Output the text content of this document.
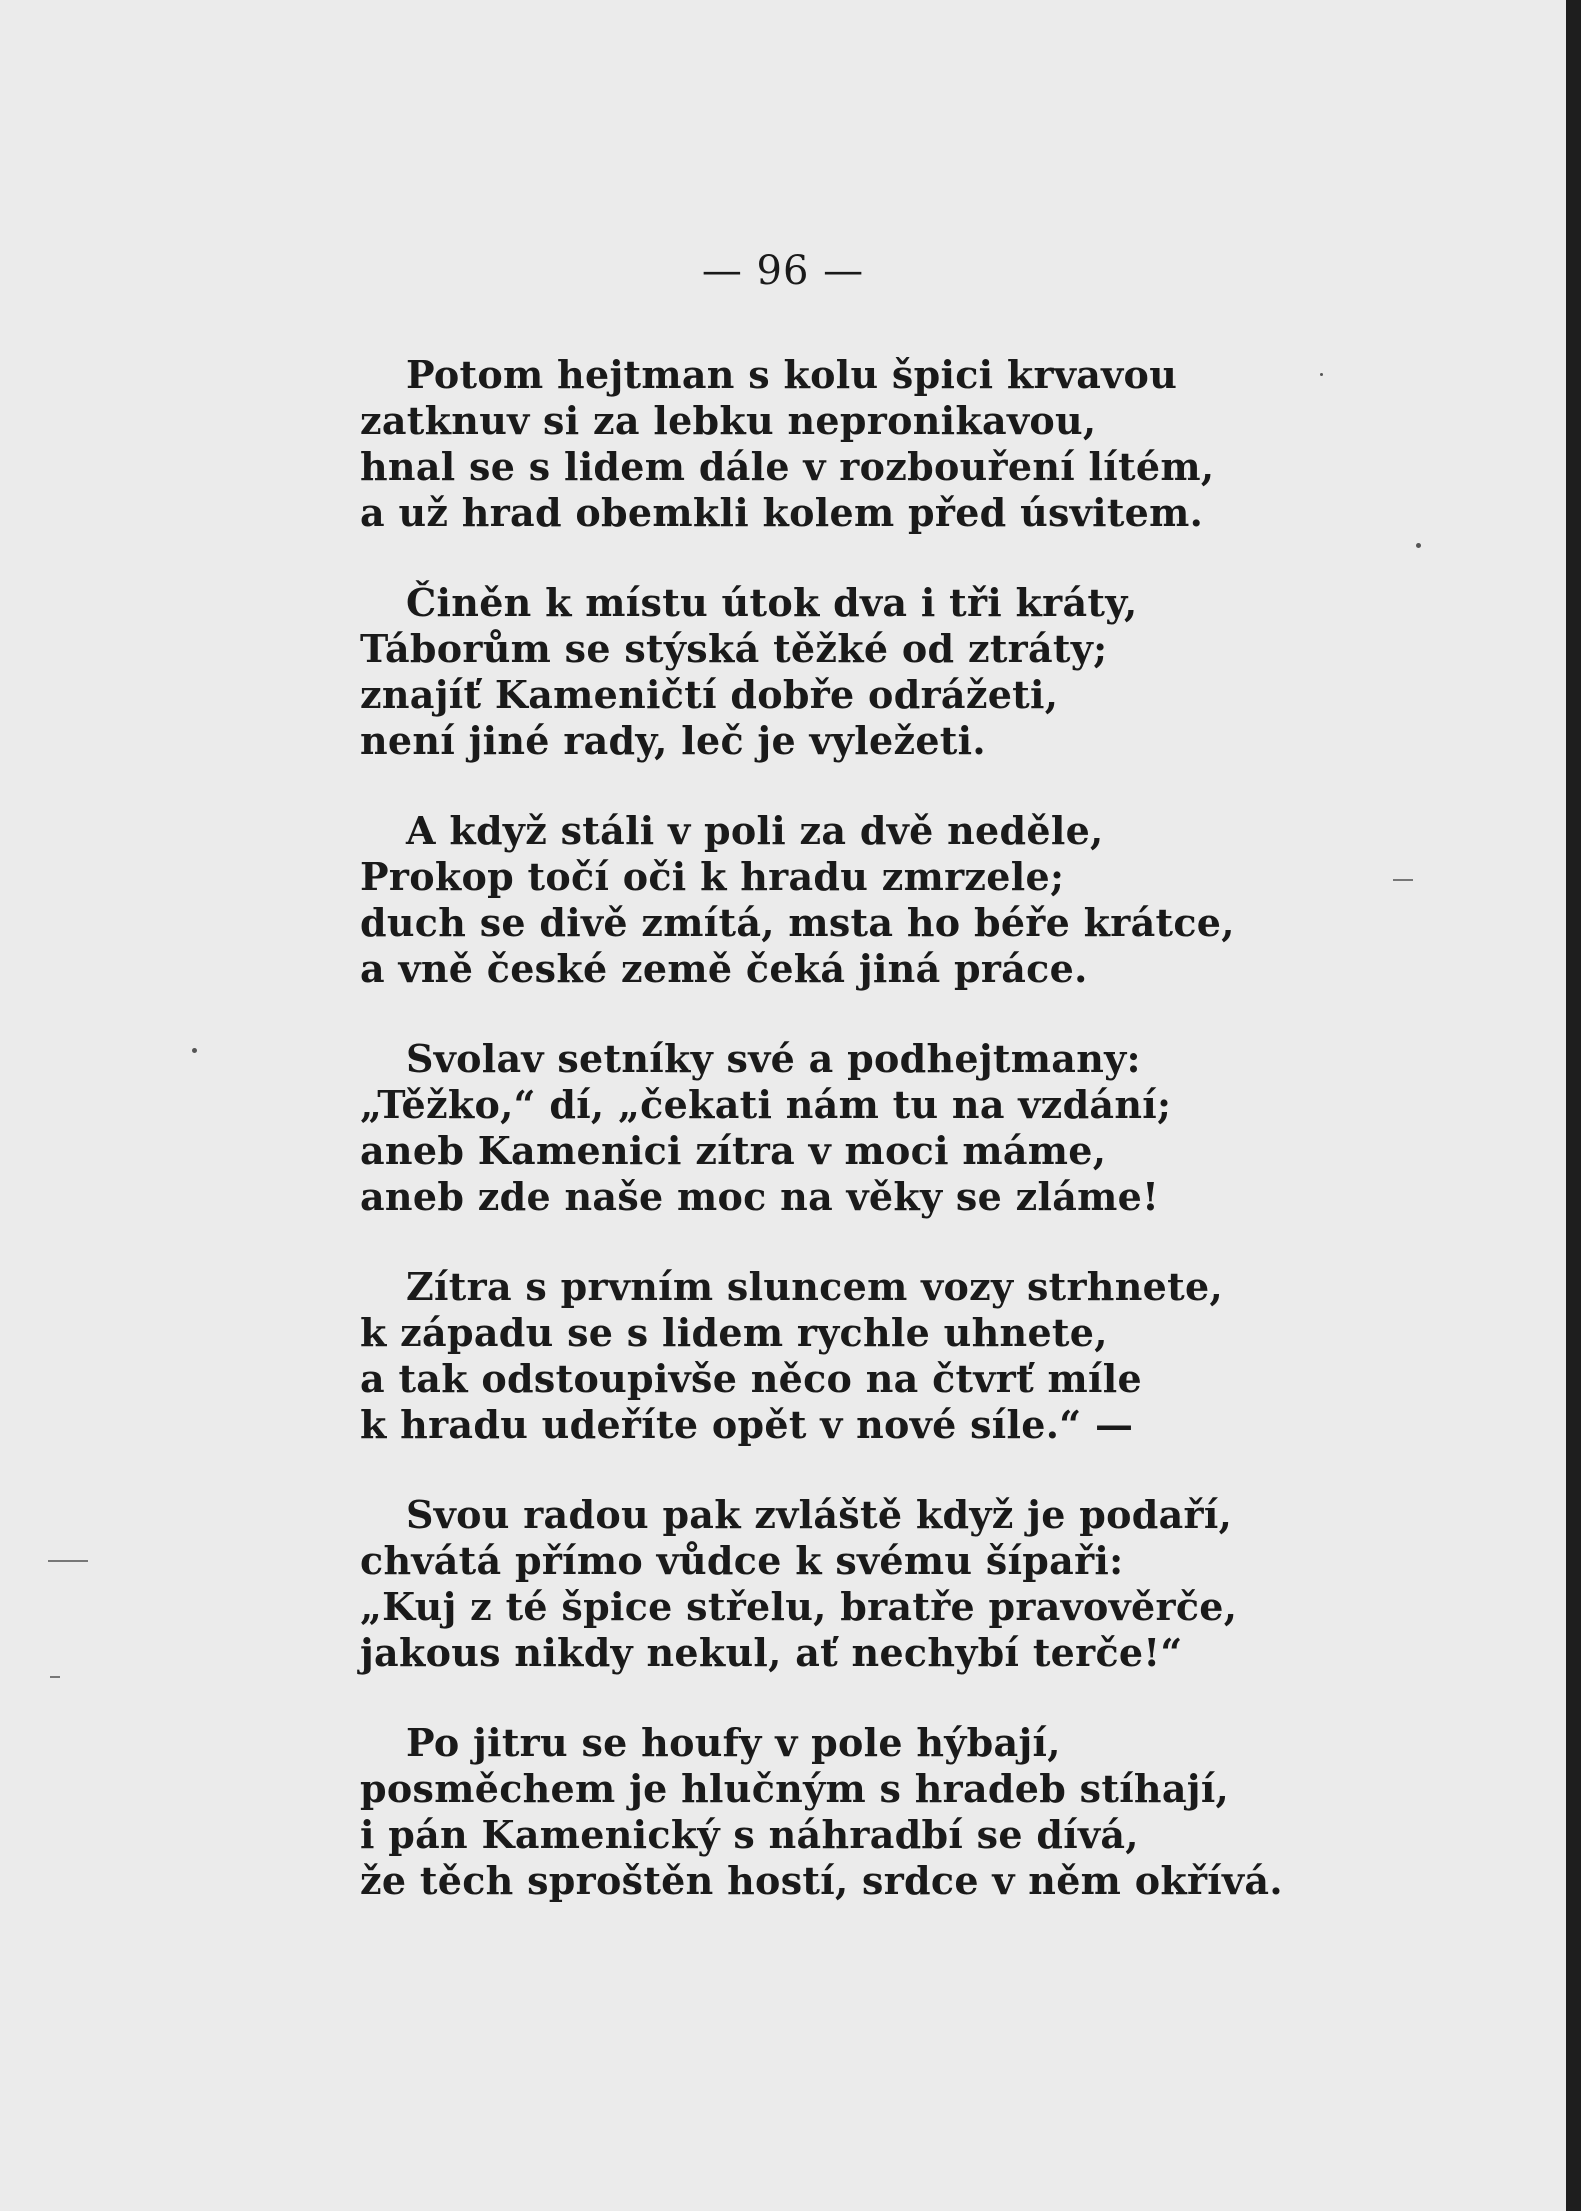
— 96 —
Potom hejtman s kolu špici krvavou
zatknuv si za lebku nepronikavou,
hnal se s lidem dále v rozbouření lítém,
a už hrad obemkli kolem před úsvitem.
Činěn k místu útok dva i tři kráty,
Táborům se stýská těžké od ztráty;
znajíť Kameničtí dobře odrážeti,
není jiné rady, leč je vyležeti.
A když stáli v poli za dvě neděle,
Prokop točí oči k hradu zmrzele;
duch se divě zmítá, msta ho béře krátce,
a vně české země čeká jiná práce.
Svolav setníky své a podhejtmany:
„Těžko,“ dí, „čekati nám tu na vzdání;
aneb Kamenici zítra v moci máme,
aneb zde naše moc na věky se zláme!
Zítra s prvním sluncem vozy strhnete,
k západu se s lidem rychle uhnete,
a tak odstoupivše něco na čtvrť míle
k hradu udeříte opět v nové síle.“ —
Svou radou pak zvláště když je podaří,
chvátá přímo vůdce k svému šípaři:
„Kuj z té špice střelu, bratře pravověrče,
jakous nikdy nekul, ať nechybí terče!“
Po jitru se houfy v pole hýbají,
posměchem je hlučným s hradeb stíhají,
i pán Kamenický s náhradbí se dívá,
že těch sproštěn hostí, srdce v něm okřívá.
